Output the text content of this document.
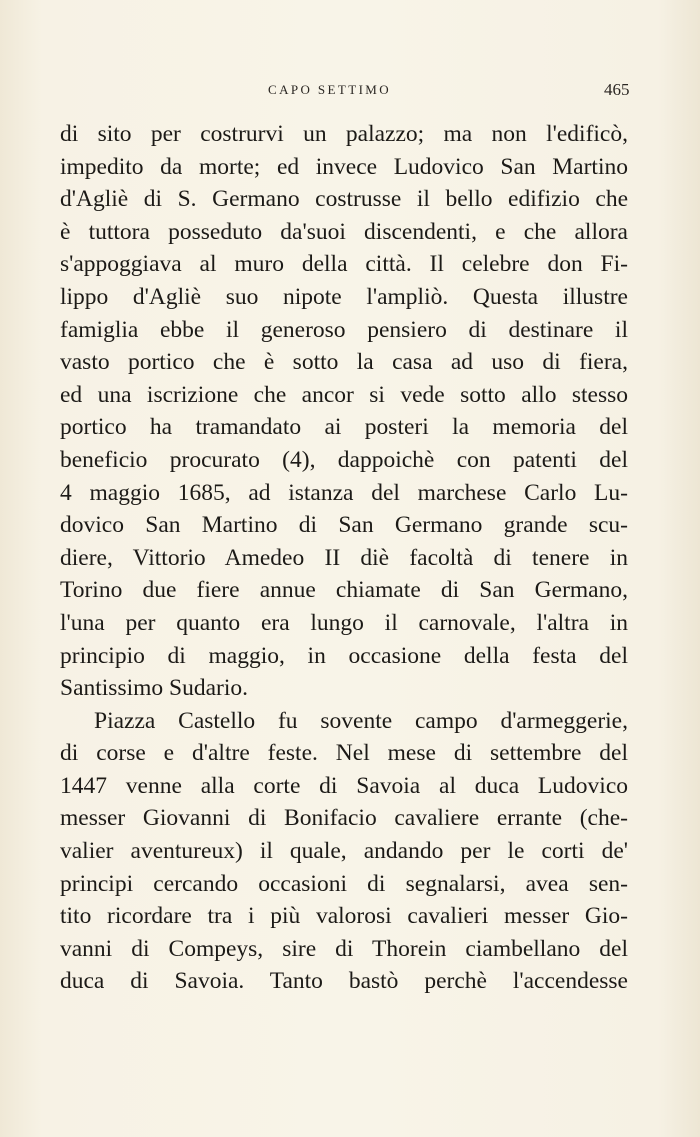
CAPO SETTIMO	465
di sito per costrurvi un palazzo; ma non l'edificò,
impedito da morte; ed invece Ludovico San Martino
d'Agliè di S. Germano costrusse il bello edifizio che
è tuttora posseduto da'suoi discendenti, e che allora
s'appoggiava al muro della città. Il celebre don Fi-
lippo d'Agliè suo nipote l'ampliò. Questa illustre
famiglia ebbe il generoso pensiero di destinare il
vasto portico che è sotto la casa ad uso di fiera,
ed una iscrizione che ancor si vede sotto allo stesso
portico ha tramandato ai posteri la memoria del
beneficio procurato (4), dappoichè con patenti del
4 maggio 1685, ad istanza del marchese Carlo Lu-
dovico San Martino di San Germano grande scu-
diere, Vittorio Amedeo II diè facoltà di tenere in
Torino due fiere annue chiamate di San Germano,
l'una per quanto era lungo il carnovale, l'altra in
principio di maggio, in occasione della festa del
Santissimo Sudario.
Piazza Castello fu sovente campo d'armeggerie,
di corse e d'altre feste. Nel mese di settembre del
1447 venne alla corte di Savoia al duca Ludovico
messer Giovanni di Bonifacio cavaliere errante (che-
valier aventureux) il quale, andando per le corti de'
principi cercando occasioni di segnalarsi, avea sen-
tito ricordare tra i più valorosi cavalieri messer Gio-
vanni di Compeys, sire di Thorein ciambellano del
duca di Savoia. Tanto bastò perchè l'accendesse
